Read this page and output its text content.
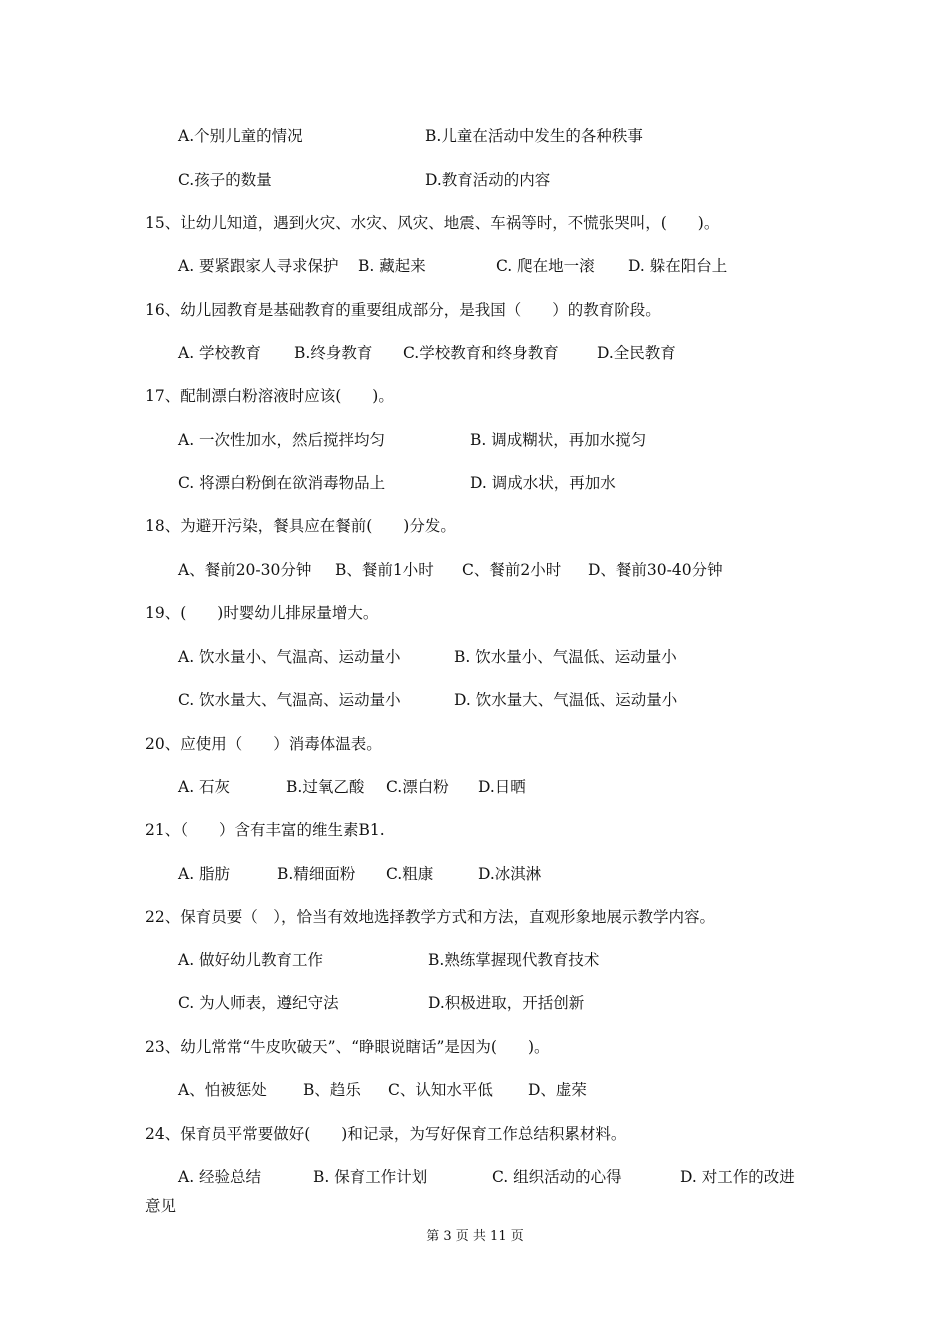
A.个别儿童的情况	B.儿童在活动中发生的各种秩事
C.孩子的数量	D.教育活动的内容
15、让幼儿知道，遇到火灾、水灾、风灾、地震、车祸等时，不慌张哭叫，(　　)。
A. 要紧跟家人寻求保护 B. 藏起来	C. 爬在地一滚 D. 躲在阳台上
16、幼儿园教育是基础教育的重要组成部分，是我国（　　）的教育阶段。
A. 学校教育 B.终身教育 C.学校教育和终身教育 D.全民教育
17、配制漂白粉溶液时应该(　　)。
A. 一次性加水，然后搅拌均匀	B. 调成糊状，再加水搅匀
C. 将漂白粉倒在欲消毒物品上	D. 调成水状，再加水
18、为避开污染，餐具应在餐前(　　)分发。
A、餐前20-30分钟 B、餐前1小时 C、餐前2小时 D、餐前30-40分钟
19、(　　)时婴幼儿排尿量增大。
A. 饮水量小、气温高、运动量小	B. 饮水量小、气温低、运动量小
C. 饮水量大、气温高、运动量小	D. 饮水量大、气温低、运动量小
20、应使用（　　）消毒体温表。
A. 石灰	B.过氧乙酸 C.漂白粉 D.日晒
21、（　　）含有丰富的维生素B1.
A. 脂肪	B.精细面粉 C.粗康	D.冰淇淋
22、保育员要（　），恰当有效地选择教学方式和方法，直观形象地展示教学内容。
A. 做好幼儿教育工作	B.熟练掌握现代教育技术
C. 为人师表，遵纪守法	D.积极进取，开括创新
23、幼儿常常“牛皮吹破天”、“睁眼说瞎话”是因为(　　)。
A、怕被惩处 B、趋乐 C、认知水平低 D、虚荣
24、保育员平常要做好(　　)和记录，为写好保育工作总结积累材料。
A. 经验总结	B. 保育工作计划	C. 组织活动的心得	D. 对工作的改进
意见
第 3 页 共 11 页
